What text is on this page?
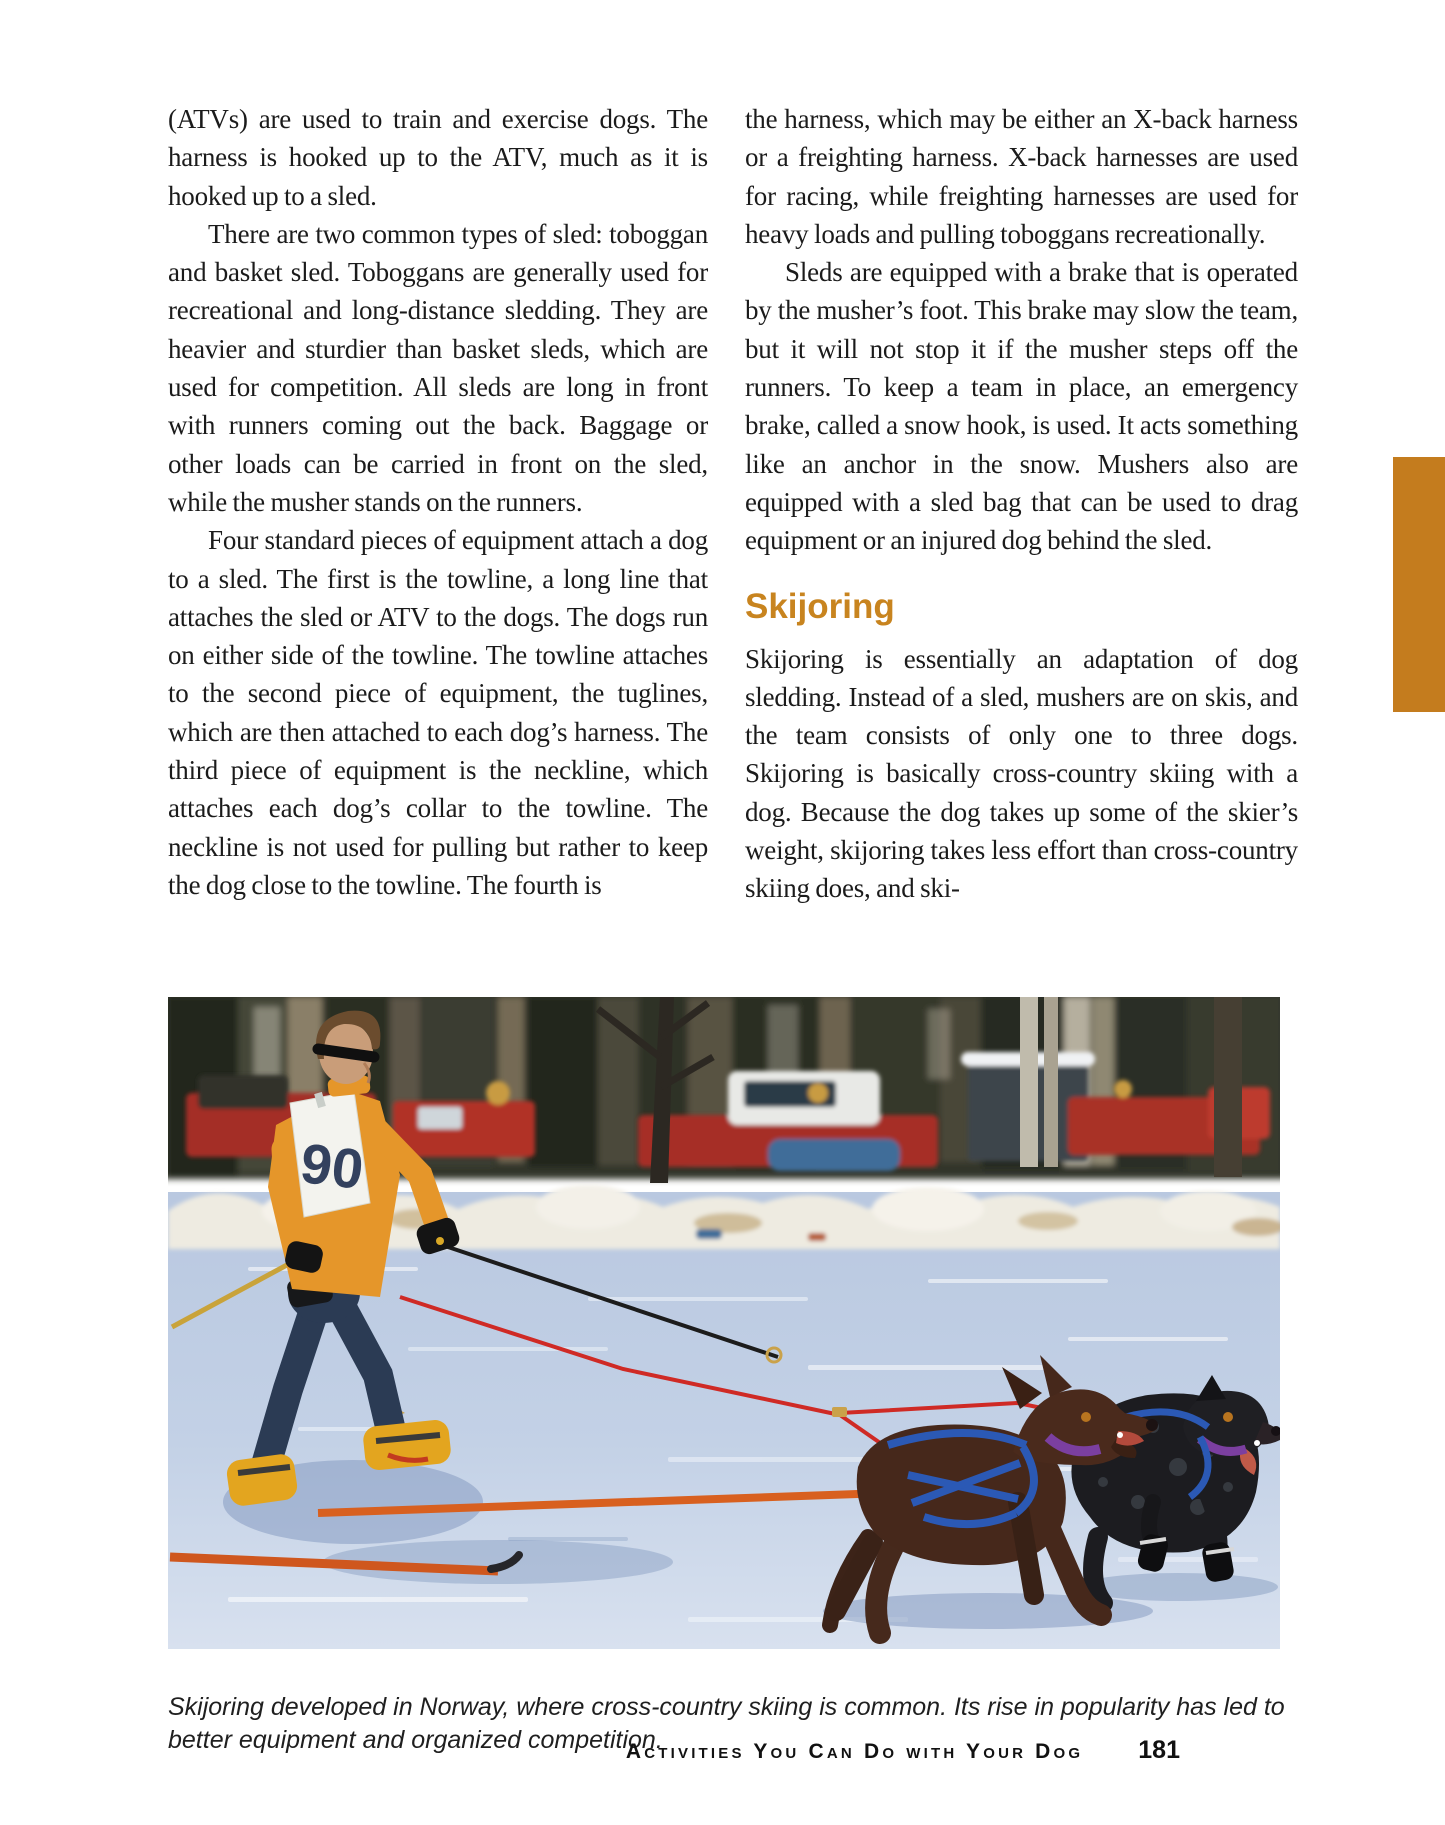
(ATVs) are used to train and exercise dogs. The harness is hooked up to the ATV, much as it is hooked up to a sled.

There are two common types of sled: toboggan and basket sled. Toboggans are generally used for recreational and long-distance sledding. They are heavier and sturdier than basket sleds, which are used for competition. All sleds are long in front with runners coming out the back. Baggage or other loads can be carried in front on the sled, while the musher stands on the runners.

Four standard pieces of equipment attach a dog to a sled. The first is the towline, a long line that attaches the sled or ATV to the dogs. The dogs run on either side of the towline. The towline attaches to the second piece of equipment, the tuglines, which are then attached to each dog’s harness. The third piece of equipment is the neckline, which attaches each dog’s collar to the towline. The neckline is not used for pulling but rather to keep the dog close to the towline. The fourth is

the harness, which may be either an X-back harness or a freighting harness. X-back harnesses are used for racing, while freighting harnesses are used for heavy loads and pulling toboggans recreationally.

Sleds are equipped with a brake that is operated by the musher’s foot. This brake may slow the team, but it will not stop it if the musher steps off the runners. To keep a team in place, an emergency brake, called a snow hook, is used. It acts something like an anchor in the snow. Mushers also are equipped with a sled bag that can be used to drag equipment or an injured dog behind the sled.

Skijoring

Skijoring is essentially an adaptation of dog sledding. Instead of a sled, mushers are on skis, and the team consists of only one to three dogs. Skijoring is basically cross-country skiing with a dog. Because the dog takes up some of the skier’s weight, skijoring takes less effort than cross-country skiing does, and ski-

90

Skijoring developed in Norway, where cross-country skiing is common. Its rise in popularity has led to better equipment and organized competition.

Activities You Can Do with Your Dog 181
